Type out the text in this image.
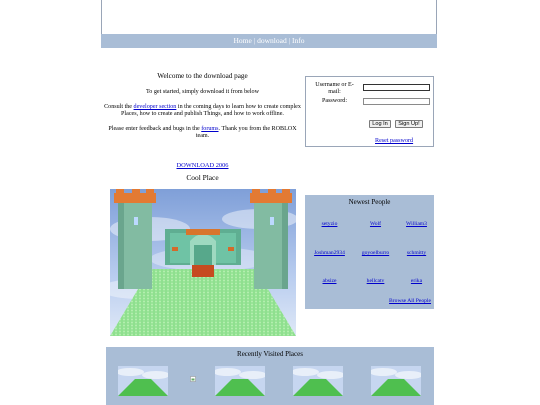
Home | download | Info
Welcome to the download page

To get started, simply download it from below

Consult the developer section in the coming days to learn how to create complex Places, how to create and publish Things, and how to work offline.

Please enter feedback and bugs in the forums. Thank you from the ROBLOX team.

Username or E-mail:
Password:
Log In	Sign Up!
Reset password
DOWNLOAD 2006
Cool Place
Newest People
setyzio	Wolf	William3
Joshman2934	goyoelburro	schmitty
absize	hellcatv	erika
Browse All People
Recently Visited Places
